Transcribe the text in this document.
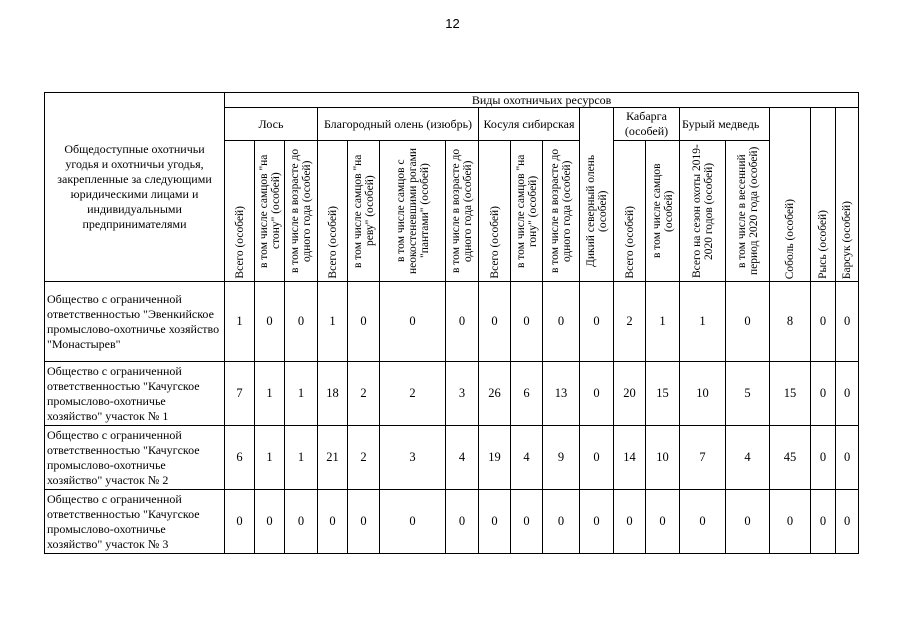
12
Общедоступные охотничьи угодья и охотничьи угодья, закрепленные за следующими юридическими лицами и индивидуальными предпринимателями	Виды охотничьих ресурсов																	
	Лось			Благородный олень (изюбрь)				Косуля сибирская			Дикий северный олень (особей)	Кабарга (особей)		Бурый медведь		Соболь (особей)	Рысь (особей)	Барсук (особей)

	Всего (особей)	в том числе самцов "на стону" (особей)	в том числе в возрасте до одного года (особей)	Всего (особей)	в том числе самцов "на реву" (особей)	в том числе самцов с неокостеневшими рогами "пантами" (особей)	в том числе в возрасте до одного года (особей)	Всего (особей)	в том числе самцов "на гону" (особей)	в том числе в возрасте до одного года (особей)		Всего (особей)	в том числе самцов (особей)	Всего на сезон охоты 2019-2020 годов (особей)	в том числе в весенний период 2020 года (особей)			

Общество с ограниченной ответственностью "Эвенкийское промыслово-охотничье хозяйство "Монастырев"	1	0	0	1	0	0	0	0	0	0	0	2	1	1	0	8	0	0
Общество с ограниченной ответственностью "Качугское промыслово-охотничье хозяйство" участок № 1	7	1	1	18	2	2	3	26	6	13	0	20	15	10	5	15	0	0
Общество с ограниченной ответственностью "Качугское промыслово-охотничье хозяйство" участок № 2	6	1	1	21	2	3	4	19	4	9	0	14	10	7	4	45	0	0
Общество с ограниченной ответственностью "Качугское промыслово-охотничье хозяйство" участок № 3	0	0	0	0	0	0	0	0	0	0	0	0	0	0	0	0	0	0
